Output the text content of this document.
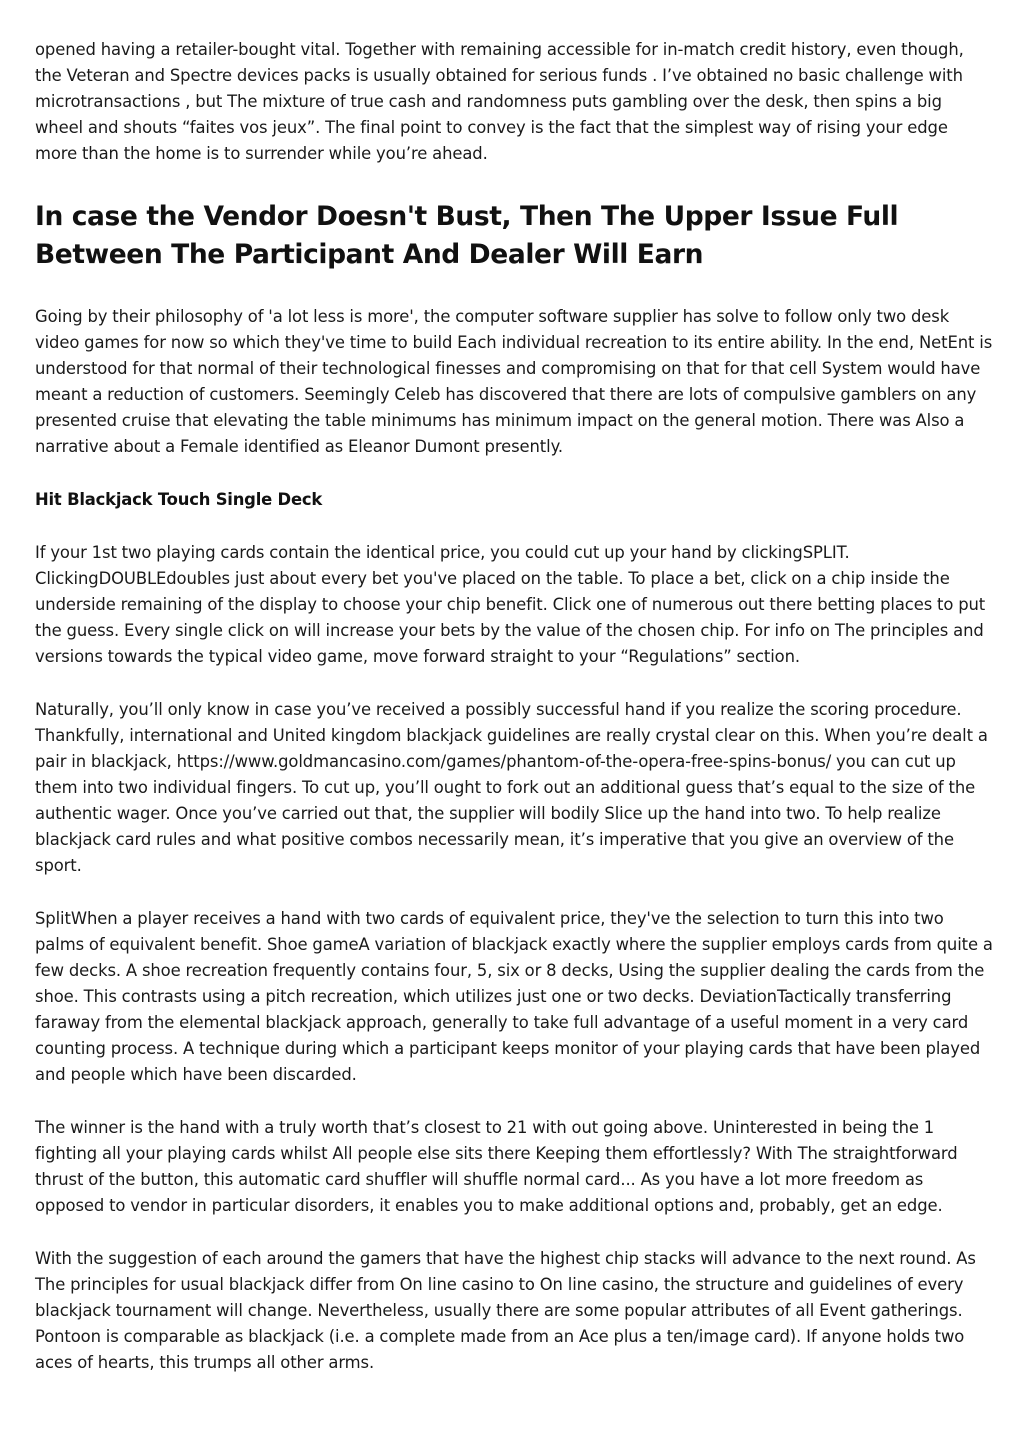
opened having a retailer-bought vital. Together with remaining accessible for in-match credit history, even though, the Veteran and Spectre devices packs is usually obtained for serious funds . I’ve obtained no basic challenge with microtransactions , but The mixture of true cash and randomness puts gambling over the desk, then spins a big wheel and shouts “faites vos jeux”. The final point to convey is the fact that the simplest way of rising your edge more than the home is to surrender while you’re ahead.

In case the Vendor Doesn't Bust, Then The Upper Issue Full Between The Participant And Dealer Will Earn

Going by their philosophy of 'a lot less is more', the computer software supplier has solve to follow only two desk video games for now so which they've time to build Each individual recreation to its entire ability. In the end, NetEnt is understood for that normal of their technological finesses and compromising on that for that cell System would have meant a reduction of customers. Seemingly Celeb has discovered that there are lots of compulsive gamblers on any presented cruise that elevating the table minimums has minimum impact on the general motion. There was Also a narrative about a Female identified as Eleanor Dumont presently.

Hit Blackjack Touch Single Deck

If your 1st two playing cards contain the identical price, you could cut up your hand by clickingSPLIT. ClickingDOUBLEdoubles just about every bet you've placed on the table. To place a bet, click on a chip inside the underside remaining of the display to choose your chip benefit. Click one of numerous out there betting places to put the guess. Every single click on will increase your bets by the value of the chosen chip. For info on The principles and versions towards the typical video game, move forward straight to your “Regulations” section.

Naturally, you’ll only know in case you’ve received a possibly successful hand if you realize the scoring procedure. Thankfully, international and United kingdom blackjack guidelines are really crystal clear on this. When you’re dealt a pair in blackjack, https://www.goldmancasino.com/games/phantom-of-the-opera-free-spins-bonus/ you can cut up them into two individual fingers. To cut up, you’ll ought to fork out an additional guess that’s equal to the size of the authentic wager. Once you’ve carried out that, the supplier will bodily Slice up the hand into two. To help realize blackjack card rules and what positive combos necessarily mean, it’s imperative that you give an overview of the sport.

SplitWhen a player receives a hand with two cards of equivalent price, they've the selection to turn this into two palms of equivalent benefit. Shoe gameA variation of blackjack exactly where the supplier employs cards from quite a few decks. A shoe recreation frequently contains four, 5, six or 8 decks, Using the supplier dealing the cards from the shoe. This contrasts using a pitch recreation, which utilizes just one or two decks. DeviationTactically transferring faraway from the elemental blackjack approach, generally to take full advantage of a useful moment in a very card counting process. A technique during which a participant keeps monitor of your playing cards that have been played and people which have been discarded.

The winner is the hand with a truly worth that’s closest to 21 with out going above. Uninterested in being the 1 fighting all your playing cards whilst All people else sits there Keeping them effortlessly? With The straightforward thrust of the button, this automatic card shuffler will shuffle normal card... As you have a lot more freedom as opposed to vendor in particular disorders, it enables you to make additional options and, probably, get an edge.

With the suggestion of each around the gamers that have the highest chip stacks will advance to the next round. As The principles for usual blackjack differ from On line casino to On line casino, the structure and guidelines of every blackjack tournament will change. Nevertheless, usually there are some popular attributes of all Event gatherings. Pontoon is comparable as blackjack (i.e. a complete made from an Ace plus a ten/image card). If anyone holds two aces of hearts, this trumps all other arms.
